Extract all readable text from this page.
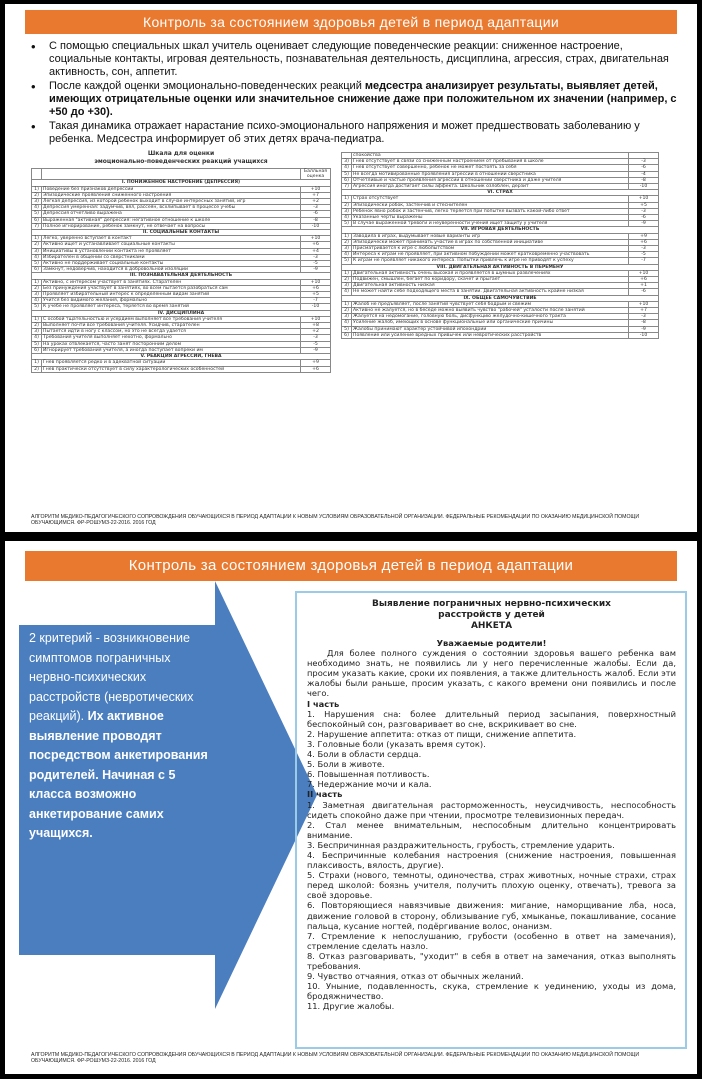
Контроль за состоянием здоровья детей в период адаптации
• С помощью специальных шкал учитель оценивает следующие поведенческие реакции: сниженное настроение, социальные контакты, игровая деятельность, познавательная деятельность, дисциплина, агрессия, страх, двигательная активность, сон, аппетит.
• После каждой оценки эмоционально-поведенческих реакций медсестра анализирует результаты, выявляет детей, имеющих отрицательные оценки или значительное снижение даже при положительном их значении (например, с +50 до +30).
• Такая динамика отражает нарастание психо-эмоционального напряжения и может предшествовать заболеванию у ребенка. Медсестра информирует об этих детях врача-педиатра.
Шкала для оценки
эмоционально-поведенческих реакций учащихся
		Балльная оценка
I. ПОНИЖЕННОЕ НАСТРОЕНИЕ (ДЕПРЕССИЯ)		
1)	Поведение без признаков депрессии	+10
2)	Эпизодические проявления сниженного настроения	+7
3)	Легкая депрессия, из которой ребенок выходит в случае интересных занятий, игр	+2
4)	Депрессия умеренная: задумчив, вял, рассеян, всхлипывает в процессе учебы	-3
5)	Депрессия отчетливо выражена	-6
6)	Выраженная "активная" депрессия: негативное отношение к школе	-8
7)	Полное игнорирование, ребенок замкнут, не отвечает на вопросы	-10
II. СОЦИАЛЬНЫЕ КОНТАКТЫ		
1)	Легко, уверенно вступает в контакт	+10
2)	Активно ищет и устанавливает социальные контакты	+6
3)	Инициативы в установлении контакта не проявляет	+4
4)	Избирателен в общении со сверстниками	-3
5)	Активно не поддерживает социальные контакты	-5
6)	Замкнут, недоверчив, находится в добровольной изоляции	-9
III. ПОЗНАВАТЕЛЬНАЯ ДЕЯТЕЛЬНОСТЬ		
1)	Активно, с интересом участвует в занятиях. Старателен	+10
2)	Без принуждения участвует в занятиях, во всем пытается разобраться сам	+6
3)	Проявляет избирательный интерес к определенным видам занятий	+5
4)	Учится без видимого желания, формально	-7
5)	К учебе не проявляет интереса, теряется во время занятий	-10
IV. ДИСЦИПЛИНА		
1)	С особой тщательностью и усердием выполняет все требования учителя	+10
2)	Выполняет почти все требования учителя. Усидчив, старателен	+8
3)	Пытается идти в ногу с классом, но это не всегда удается	+2
4)	Требования учителя выполняет нехотно, формально	-3
5)	На уроках отвлекается, часто занят посторонним делом	-5
6)	Игнорирует требования учителя, а иногда поступает вопреки им	-9
V. РЕАКЦИЯ АГРЕССИИ, ГНЕВА		
1)	Гнев проявляется редко и в адекватной ситуации	+9
2)	Гнев практически отсутствует в силу характерологических особенностей	+6
	спокойства	
3)	Гнев отсутствует в связи со сниженным настроением от пребывания в школе	-3
4)	Гнев отсутствует совершенно, ребенок не может постоять за себя	-6
5)	Не всегда мотивированные проявления агрессии в отношении сверстника	-4
6)	Отчетливые и частые проявления агрессии в отношении сверстника и даже учителя	-8
7)	Агрессия иногда достигает силы аффекта. Школьник озлоблен, дерзит	-10
VI. СТРАХ		
1)	Страх отсутствует	+10
2)	Эпизодически робок, застенчив и стеснителен	+5
3)	Ребенок явно робок и застенчив, легко теряется при попытке вызвать какой-либо ответ	-3
4)	Указанные черты выражены	-6
5)	В случае выраженной тревоги и неуверенности учения ищет защиту у учителя	-9
VII. ИГРОВАЯ ДЕЯТЕЛЬНОСТЬ		
1)	Заводила в играх, выдумывает новые варианты игр	+9
2)	Эпизодически может принимать участие в играх по собственной инициативе	+6
3)	Присматривается к игре с любопытством	-3
4)	Интереса к играм не проявляет, при активном побуждении может кратковременно участвовать	-5
5)	К играм не проявляет никакого интереса. Попытки привлечь к игре не приводят к успеху	-7
VIII. ДВИГАТЕЛЬНАЯ АКТИВНОСТЬ В ПЕРЕМЕНУ		
1)	Двигательная активность очень высокая и проявляется в шумных развлечениях	+10
2)	Подвижен, смышлен, бегает по коридору, скачет и прыгает	+6
3)	Двигательная активность низкая	+1
4)	Не может найти себе подходящего места в занятии. Двигательная активность крайне низкая	-6
IX. ОБЩЕЕ САМОЧУВСТВИЕ		
1)	Жалоб не предъявляет, после занятий чувствует себя бодрым и свежим	+10
2)	Активно не жалуется, но в беседе можно выявить чувство "рабочей" усталости после занятий	+7
3)	Жалуется на недомогание, головную боль, дисфункцию желудочно-кишечного тракта	-3
4)	Усиление жалоб, имеющих в основе функциональные или органические причины	-8
5)	Жалобы принимают характер устойчивой ипохондрии	-9
6)	Появление или усиление вредных привычек или невротических расстройств	-10
АЛГОРИТМ МЕДИКО-ПЕДАГОГИЧЕСКОГО СОПРОВОЖДЕНИЯ ОБУЧАЮЩИХСЯ В ПЕРИОД АДАПТАЦИИ К НОВЫМ УСЛОВИЯМ ОБРАЗОВАТЕЛЬНОЙ ОРГАНИЗАЦИИ. ФЕДЕРАЛЬНЫЕ РЕКОМЕНДАЦИИ ПО ОКАЗАНИЮ МЕДИЦИНСКОЙ ПОМОЩИ ОБУЧАЮЩИМСЯ. ФР-РОШУМЗ-22-2016. 2016 ГОД
Контроль за состоянием здоровья детей в период адаптации
2 критерий - возникновение симптомов пограничных нервно-психических расстройств (невротических реакций). Их активное выявление проводят посредством анкетирования родителей. Начиная с 5 класса возможно анкетирование самих учащихся.
Выявление пограничных нервно-психических
расстройств у детей
АНКЕТА
Уважаемые родители!
Для более полного суждения о состоянии здоровья вашего ребенка вам необходимо знать, не появились ли у него перечисленные жалобы. Если да, просим указать какие, сроки их появления, а также длительность жалоб. Если эти жалобы были раньше, просим указать, с какого времени они появились и после чего.
I часть
1. Нарушения сна: более длительный период засыпания, поверхностный беспокойный сон, разговаривает во сне, вскрикивает во сне.
2. Нарушение аппетита: отказ от пищи, снижение аппетита.
3. Головные боли (указать время суток).
4. Боли в области сердца.
5. Боли в животе.
6. Повышенная потливость.
7. Недержание мочи и кала.
II часть
1. Заметная двигательная расторможенность, неусидчивость, неспособность сидеть спокойно даже при чтении, просмотре телевизионных передач.
2. Стал менее внимательным, неспособным длительно концентрировать внимание.
3. Беспричинная раздражительность, грубость, стремление ударить.
4. Беспричинные колебания настроения (снижение настроения, повышенная плаксивость, вялость, другие).
5. Страхи (нового, темноты, одиночества, страх животных, ночные страхи, страх перед школой: боязнь учителя, получить плохую оценку, отвечать), тревога за своё здоровье.
6. Повторяющиеся навязчивые движения: мигание, наморщивание лба, носа, движение головой в сторону, облизывание губ, хмыканье, покашливание, сосание пальца, кусание ногтей, подёргивание волос, онанизм.
7. Стремление к непослушанию, грубости (особенно в ответ на замечания), стремление сделать назло.
8. Отказ разговаривать, "уходит" в себя в ответ на замечания, отказ выполнять требования.
9. Чувство отчаяния, отказ от обычных желаний.
10. Уныние, подавленность, скука, стремление к уединению, уходы из дома, бродяжничество.
11. Другие жалобы.
АЛГОРИТМ МЕДИКО-ПЕДАГОГИЧЕСКОГО СОПРОВОЖДЕНИЯ ОБУЧАЮЩИХСЯ В ПЕРИОД АДАПТАЦИИ К НОВЫМ УСЛОВИЯМ ОБРАЗОВАТЕЛЬНОЙ ОРГАНИЗАЦИИ. ФЕДЕРАЛЬНЫЕ РЕКОМЕНДАЦИИ ПО ОКАЗАНИЮ МЕДИЦИНСКОЙ ПОМОЩИ ОБУЧАЮЩИМСЯ. ФР-РОШУМЗ-22-2016. 2016 ГОД
